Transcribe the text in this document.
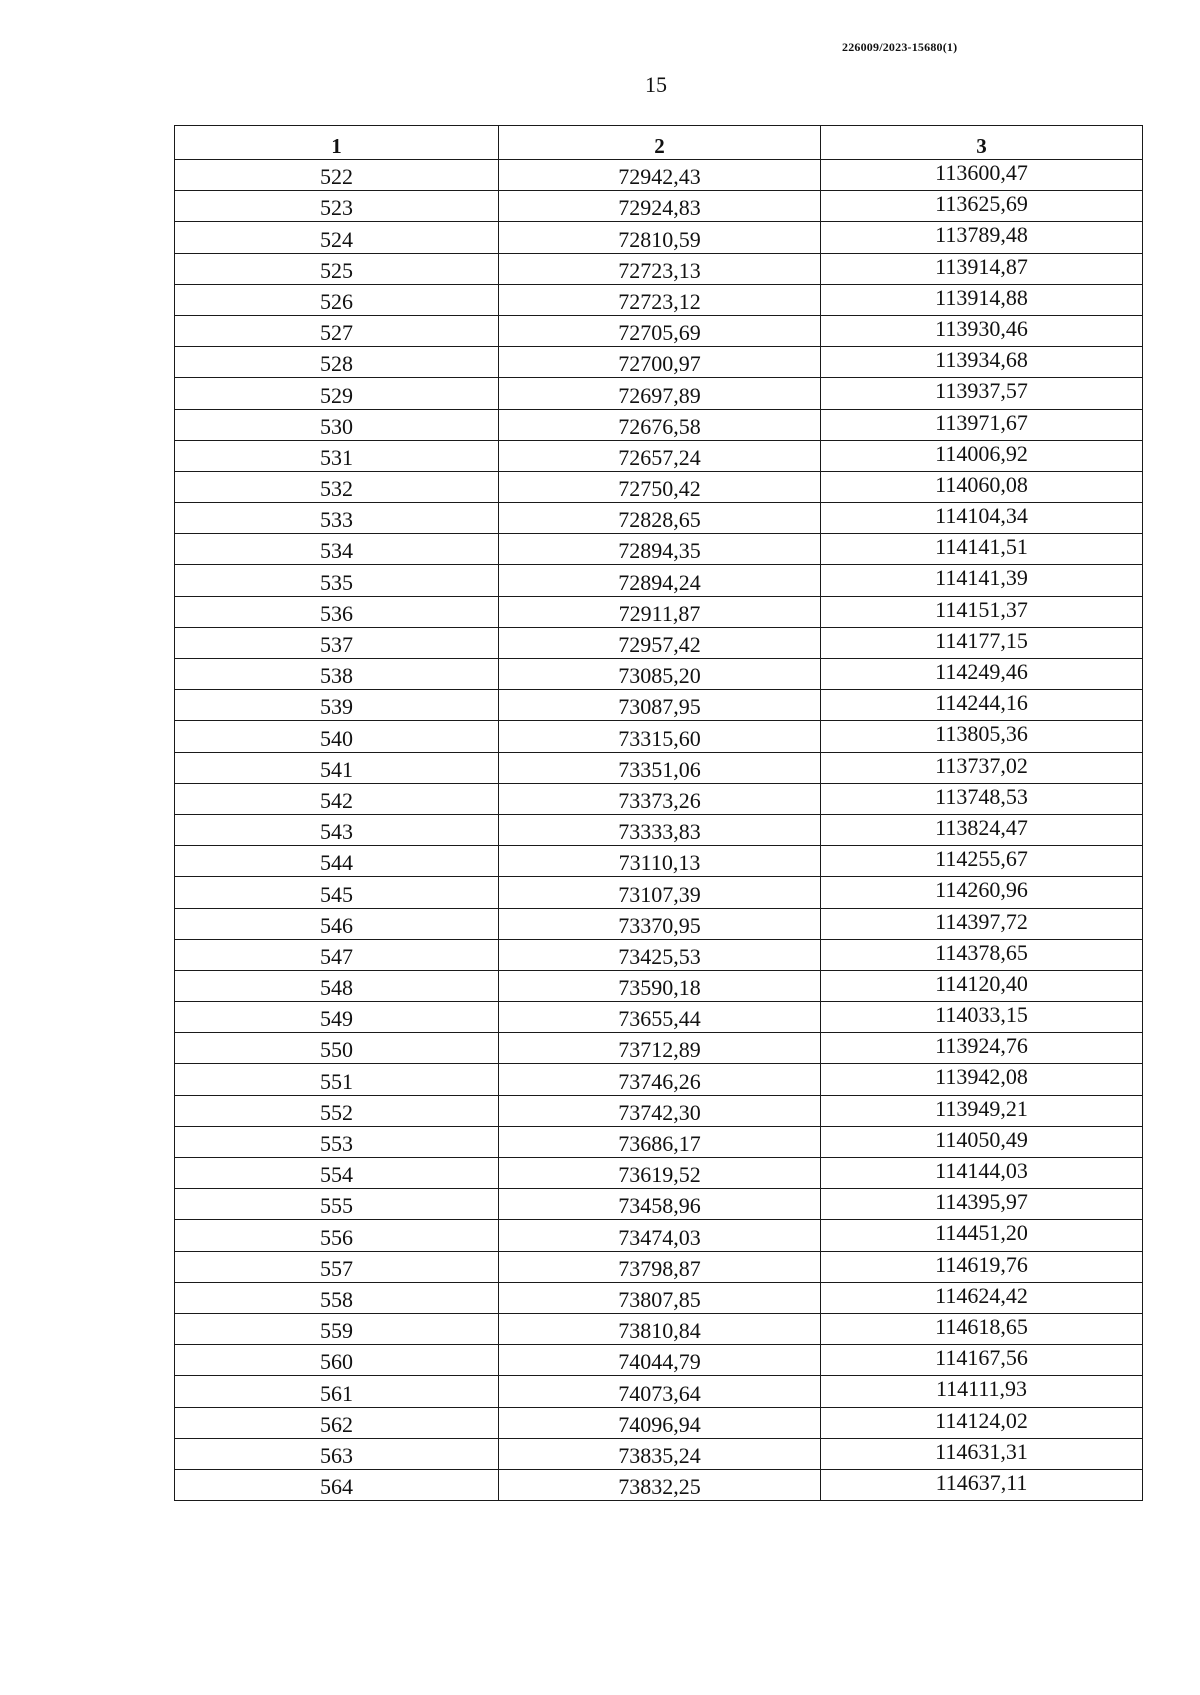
226009/2023-15680(1)
15
1	2	3
522	72942,43	113600,47
523	72924,83	113625,69
524	72810,59	113789,48
525	72723,13	113914,87
526	72723,12	113914,88
527	72705,69	113930,46
528	72700,97	113934,68
529	72697,89	113937,57
530	72676,58	113971,67
531	72657,24	114006,92
532	72750,42	114060,08
533	72828,65	114104,34
534	72894,35	114141,51
535	72894,24	114141,39
536	72911,87	114151,37
537	72957,42	114177,15
538	73085,20	114249,46
539	73087,95	114244,16
540	73315,60	113805,36
541	73351,06	113737,02
542	73373,26	113748,53
543	73333,83	113824,47
544	73110,13	114255,67
545	73107,39	114260,96
546	73370,95	114397,72
547	73425,53	114378,65
548	73590,18	114120,40
549	73655,44	114033,15
550	73712,89	113924,76
551	73746,26	113942,08
552	73742,30	113949,21
553	73686,17	114050,49
554	73619,52	114144,03
555	73458,96	114395,97
556	73474,03	114451,20
557	73798,87	114619,76
558	73807,85	114624,42
559	73810,84	114618,65
560	74044,79	114167,56
561	74073,64	114111,93
562	74096,94	114124,02
563	73835,24	114631,31
564	73832,25	114637,11
